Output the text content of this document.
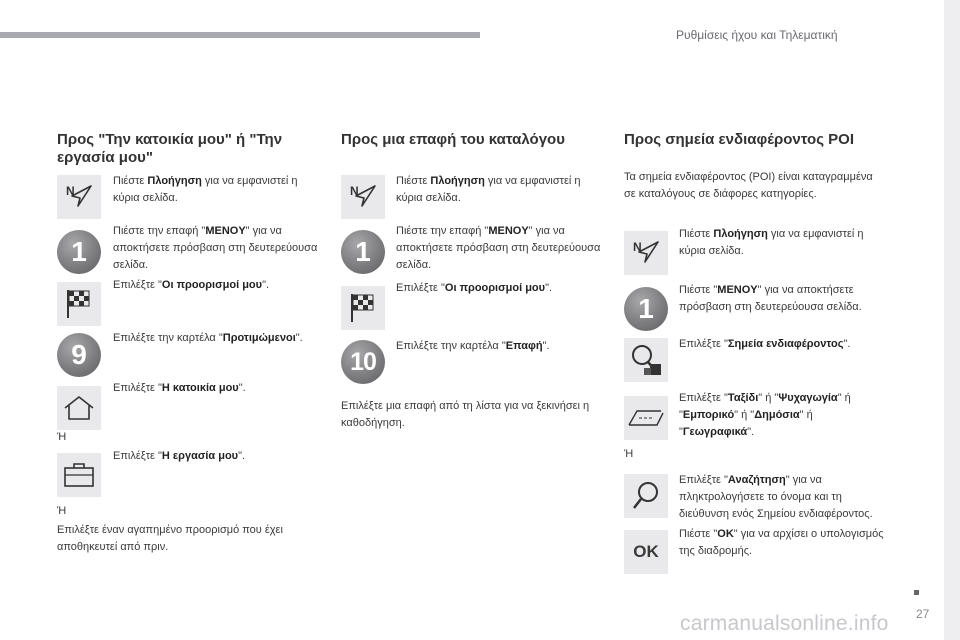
Ρυθμίσεις ήχου και Τηλεματική
Προς "Την κατοικία μου" ή "Την εργασία μου"
N
Πιέστε Πλοήγηση για να εμφανιστεί η κύρια σελίδα.
1
Πιέστε την επαφή "MENOY" για να αποκτήσετε πρόσβαση στη δευτερεύουσα σελίδα.
Επιλέξτε "Οι προορισμοί μου".
9
Επιλέξτε την καρτέλα "Προτιμώμενοι".
Επιλέξτε "Η κατοικία μου".
Ή
Επιλέξτε "Η εργασία μου".
Ή
Επιλέξτε έναν αγαπημένο προορισμό που έχει αποθηκευτεί από πριν.
Προς μια επαφή του καταλόγου
N
Πιέστε Πλοήγηση για να εμφανιστεί η κύρια σελίδα.
1
Πιέστε την επαφή "MENOY" για να αποκτήσετε πρόσβαση στη δευτερεύουσα σελίδα.
Επιλέξτε "Οι προορισμοί μου".
10
Επιλέξτε την καρτέλα "Επαφή".
Επιλέξτε μια επαφή από τη λίστα για να ξεκινήσει η καθοδήγηση.
Προς σημεία ενδιαφέροντος POI
Τα σημεία ενδιαφέροντος (POI) είναι καταγραμμένα σε καταλόγους σε διάφορες κατηγορίες.
N
Πιέστε Πλοήγηση για να εμφανιστεί η κύρια σελίδα.
1
Πιέστε "MENOY" για να αποκτήσετε πρόσβαση στη δευτερεύουσα σελίδα.
Επιλέξτε "Σημεία ενδιαφέροντος".
Επιλέξτε "Ταξίδι" ή "Ψυχαγωγία" ή "Εμπορικό" ή "Δημόσια" ή "Γεωγραφικά".
Ή
Επιλέξτε "Αναζήτηση" για να πληκτρολογήσετε το όνομα και τη διεύθυνση ενός Σημείου ενδιαφέροντος.
OK
Πιέστε "OK" για να αρχίσει ο υπολογισμός της διαδρομής.
27
carmanualsonline.info
